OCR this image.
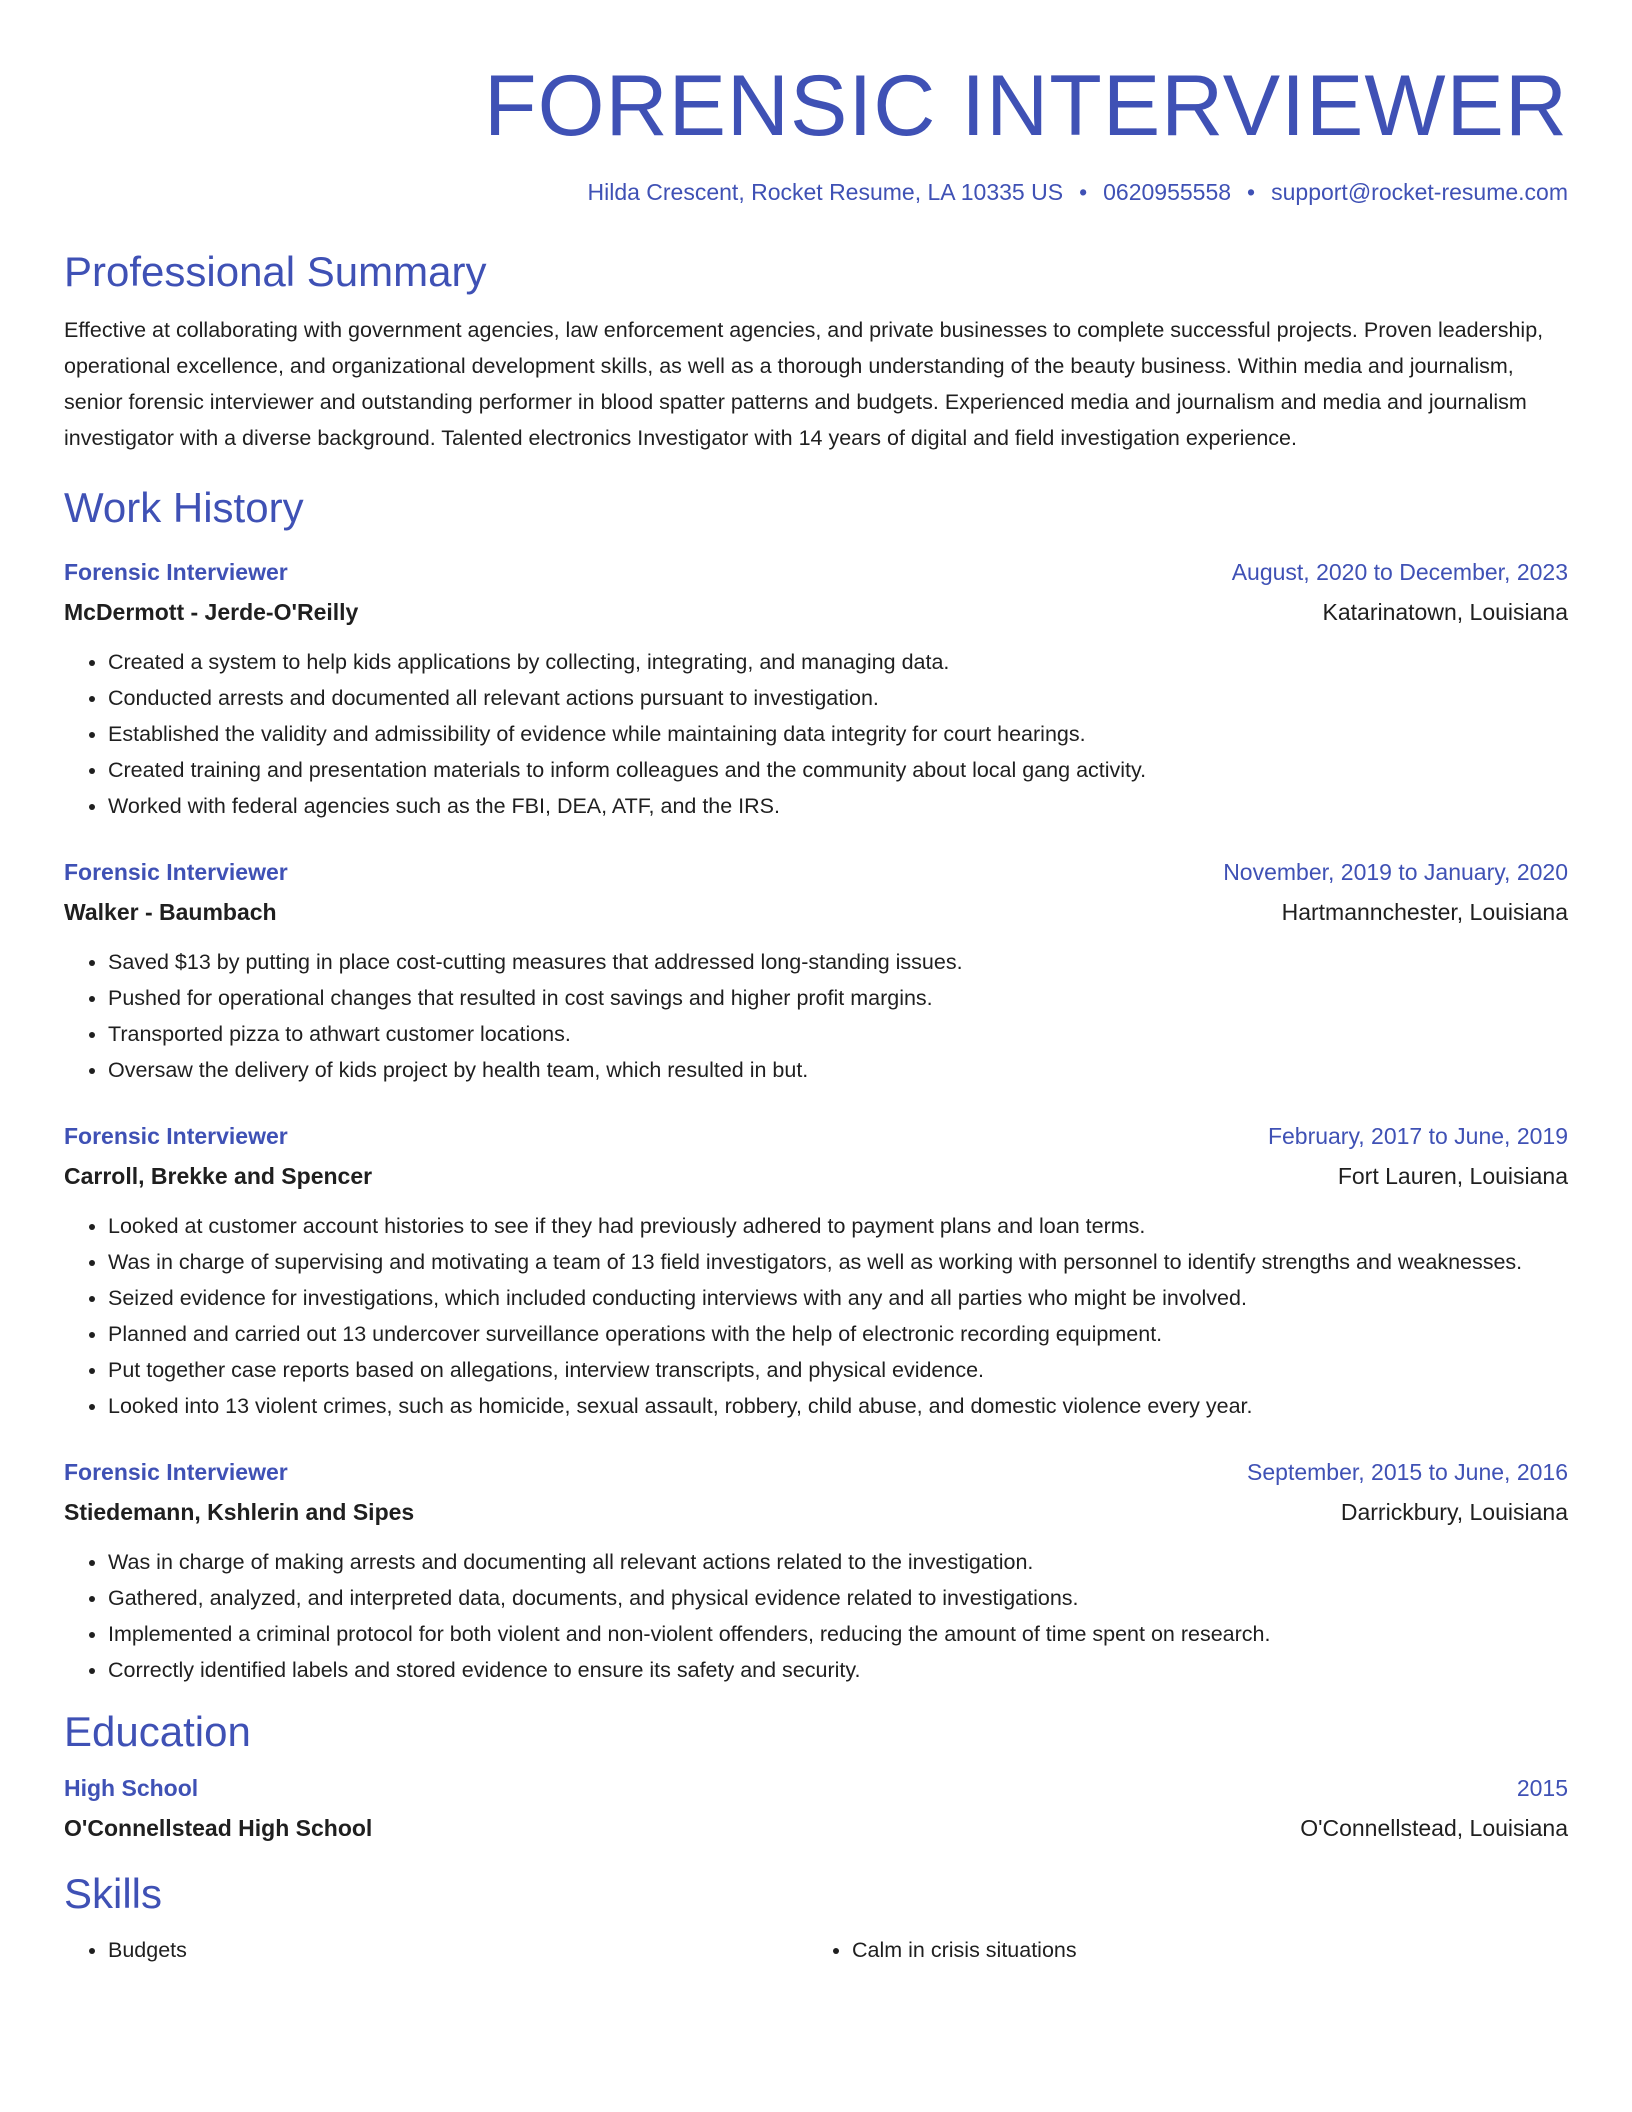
FORENSIC INTERVIEWER
Hilda Crescent, Rocket Resume, LA 10335 US • 0620955558 • support@rocket-resume.com
Professional Summary
Effective at collaborating with government agencies, law enforcement agencies, and private businesses to complete successful projects. Proven leadership, operational excellence, and organizational development skills, as well as a thorough understanding of the beauty business. Within media and journalism, senior forensic interviewer and outstanding performer in blood spatter patterns and budgets. Experienced media and journalism and media and journalism investigator with a diverse background. Talented electronics Investigator with 14 years of digital and field investigation experience.
Work History
Forensic Interviewer	August, 2020 to December, 2023
McDermott - Jerde-O'Reilly	Katarinatown, Louisiana
• Created a system to help kids applications by collecting, integrating, and managing data.
• Conducted arrests and documented all relevant actions pursuant to investigation.
• Established the validity and admissibility of evidence while maintaining data integrity for court hearings.
• Created training and presentation materials to inform colleagues and the community about local gang activity.
• Worked with federal agencies such as the FBI, DEA, ATF, and the IRS.
Forensic Interviewer	November, 2019 to January, 2020
Walker - Baumbach	Hartmannchester, Louisiana
• Saved $13 by putting in place cost-cutting measures that addressed long-standing issues.
• Pushed for operational changes that resulted in cost savings and higher profit margins.
• Transported pizza to athwart customer locations.
• Oversaw the delivery of kids project by health team, which resulted in but.
Forensic Interviewer	February, 2017 to June, 2019
Carroll, Brekke and Spencer	Fort Lauren, Louisiana
• Looked at customer account histories to see if they had previously adhered to payment plans and loan terms.
• Was in charge of supervising and motivating a team of 13 field investigators, as well as working with personnel to identify strengths and weaknesses.
• Seized evidence for investigations, which included conducting interviews with any and all parties who might be involved.
• Planned and carried out 13 undercover surveillance operations with the help of electronic recording equipment.
• Put together case reports based on allegations, interview transcripts, and physical evidence.
• Looked into 13 violent crimes, such as homicide, sexual assault, robbery, child abuse, and domestic violence every year.
Forensic Interviewer	September, 2015 to June, 2016
Stiedemann, Kshlerin and Sipes	Darrickbury, Louisiana
• Was in charge of making arrests and documenting all relevant actions related to the investigation.
• Gathered, analyzed, and interpreted data, documents, and physical evidence related to investigations.
• Implemented a criminal protocol for both violent and non-violent offenders, reducing the amount of time spent on research.
• Correctly identified labels and stored evidence to ensure its safety and security.
Education
High School	2015
O'Connellstead High School	O'Connellstead, Louisiana
Skills
• Budgets
•	Calm in crisis situations
